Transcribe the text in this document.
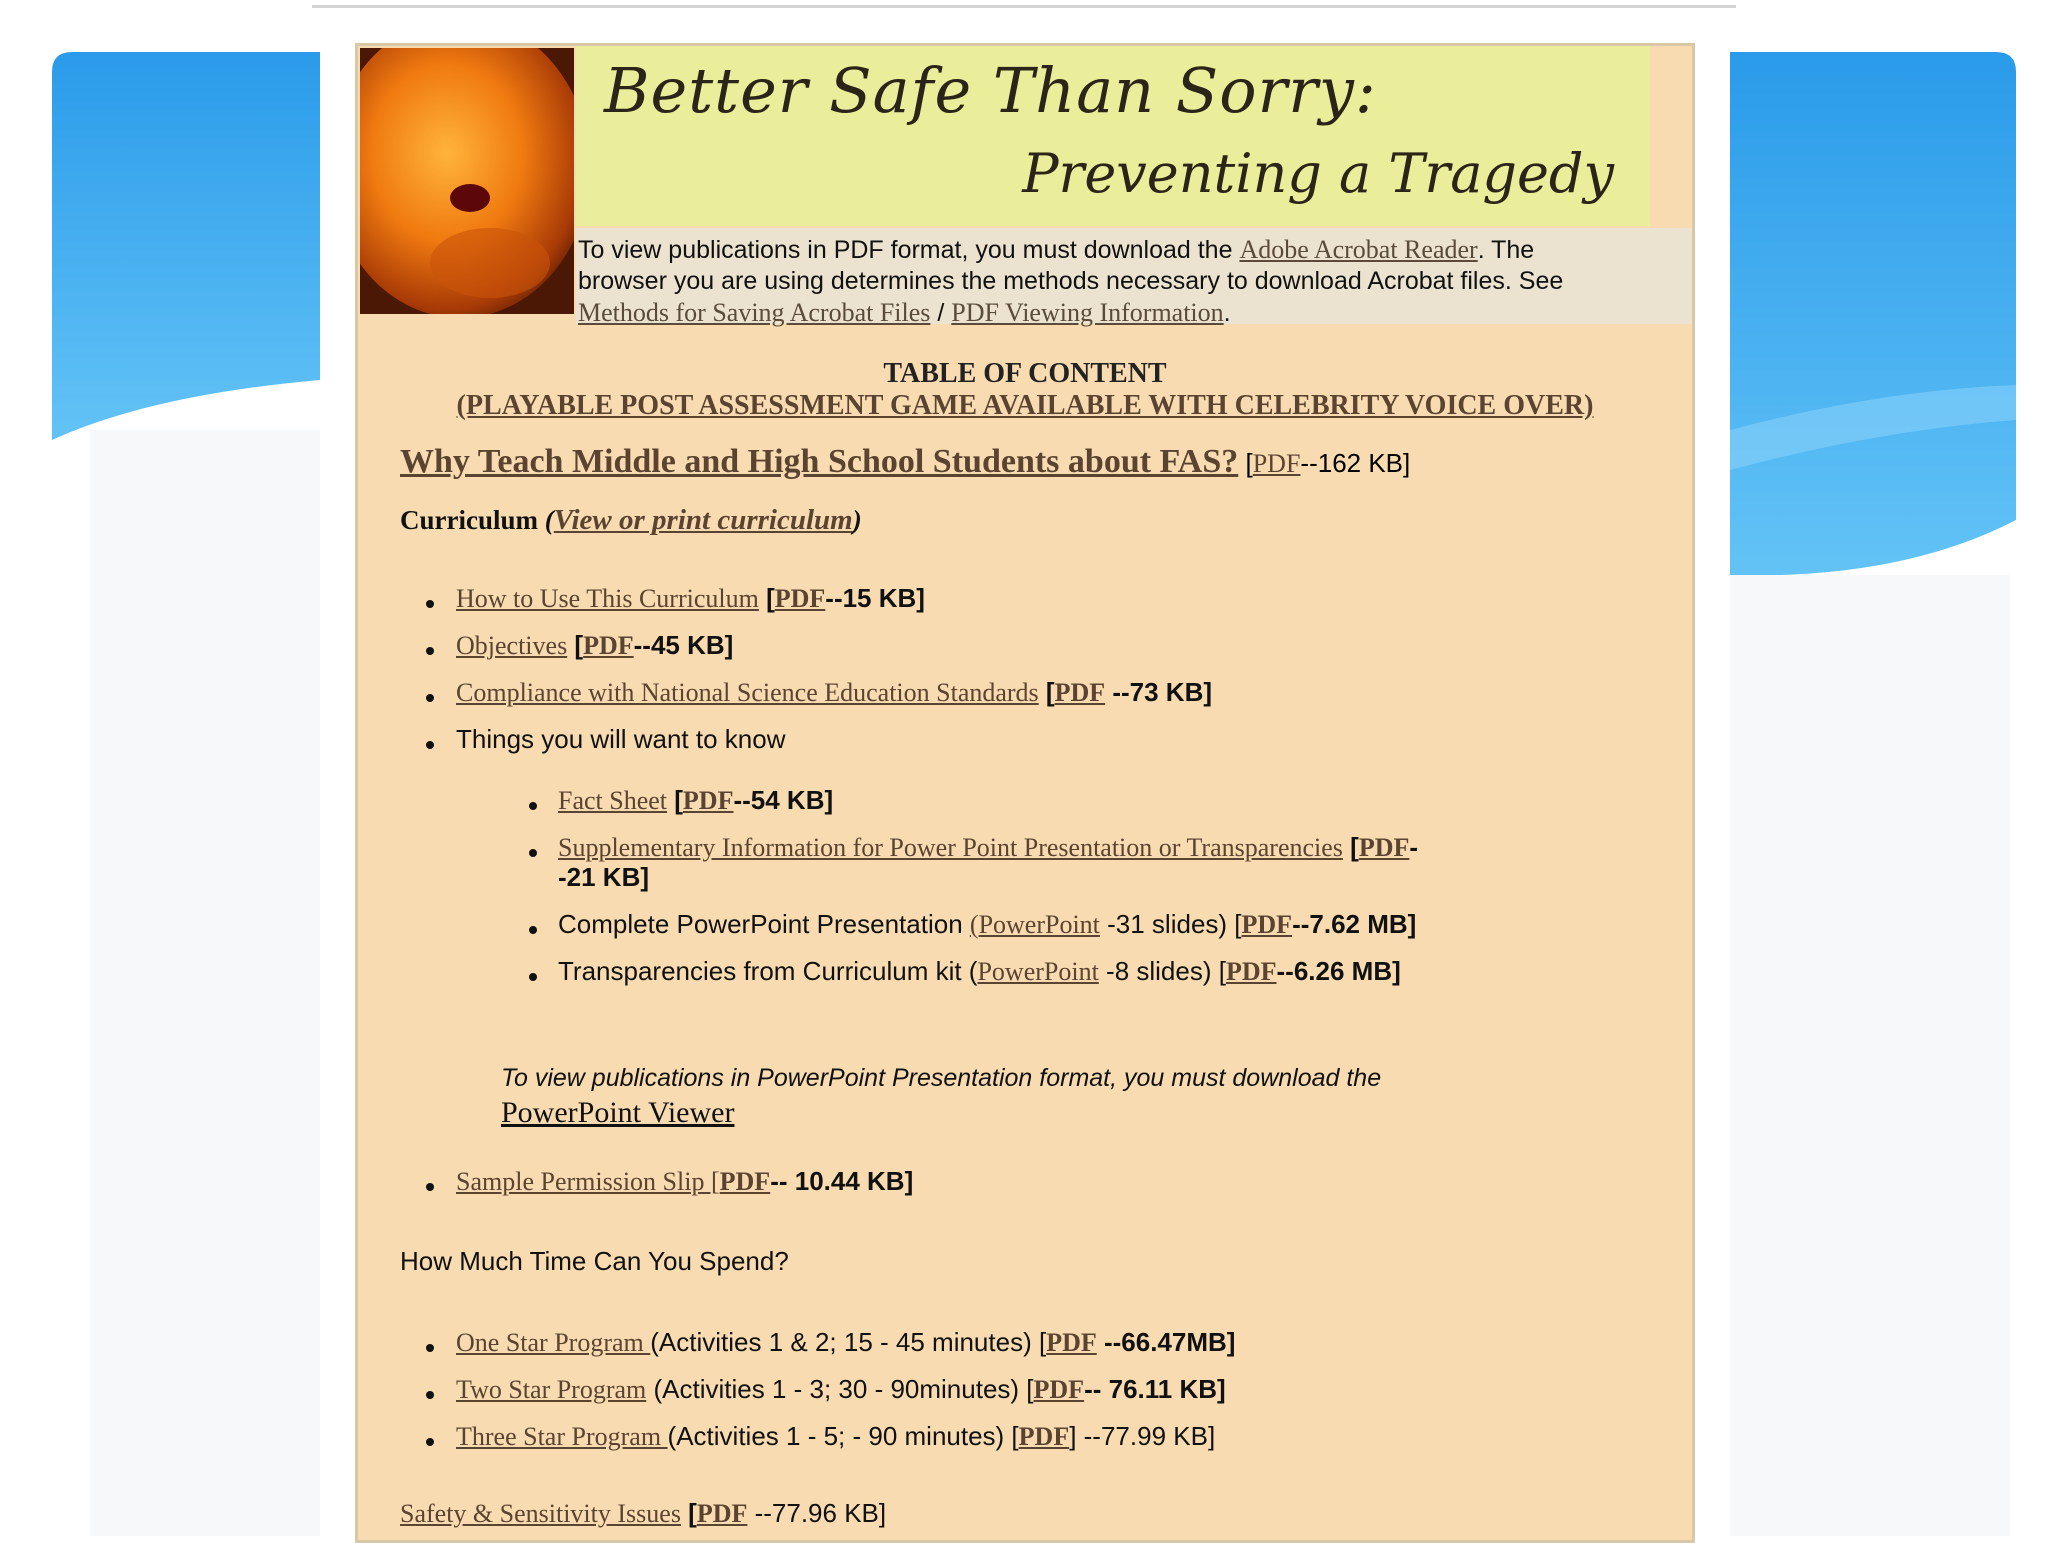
Better Safe Than Sorry:
Preventing a Tragedy
To view publications in PDF format, you must download the Adobe Acrobat Reader. The
browser you are using determines the methods necessary to download Acrobat files. See
Methods for Saving Acrobat Files / PDF Viewing Information.
TABLE OF CONTENT
(PLAYABLE POST ASSESSMENT GAME AVAILABLE WITH CELEBRITY VOICE OVER)
Why Teach Middle and High School Students about FAS? [PDF--162 KB]
Curriculum (View or print curriculum)
How to Use This Curriculum [PDF--15 KB]
Objectives [PDF--45 KB]
Compliance with National Science Education Standards [PDF --73 KB]
Things you will want to know
Fact Sheet [PDF--54 KB]
Supplementary Information for Power Point Presentation or Transparencies [PDF-
-21 KB]
Complete PowerPoint Presentation (PowerPoint -31 slides) [PDF--7.62 MB]
Transparencies from Curriculum kit (PowerPoint -8 slides) [PDF--6.26 MB]
To view publications in PowerPoint Presentation format, you must download the
PowerPoint Viewer
Sample Permission Slip [PDF-- 10.44 KB]
How Much Time Can You Spend?
One Star Program (Activities 1 & 2; 15 - 45 minutes) [PDF --66.47MB]
Two Star Program (Activities 1 - 3; 30 - 90minutes) [PDF-- 76.11 KB]
Three Star Program (Activities 1 - 5; - 90 minutes) [PDF] --77.99 KB]
Safety & Sensitivity Issues [PDF --77.96 KB]
